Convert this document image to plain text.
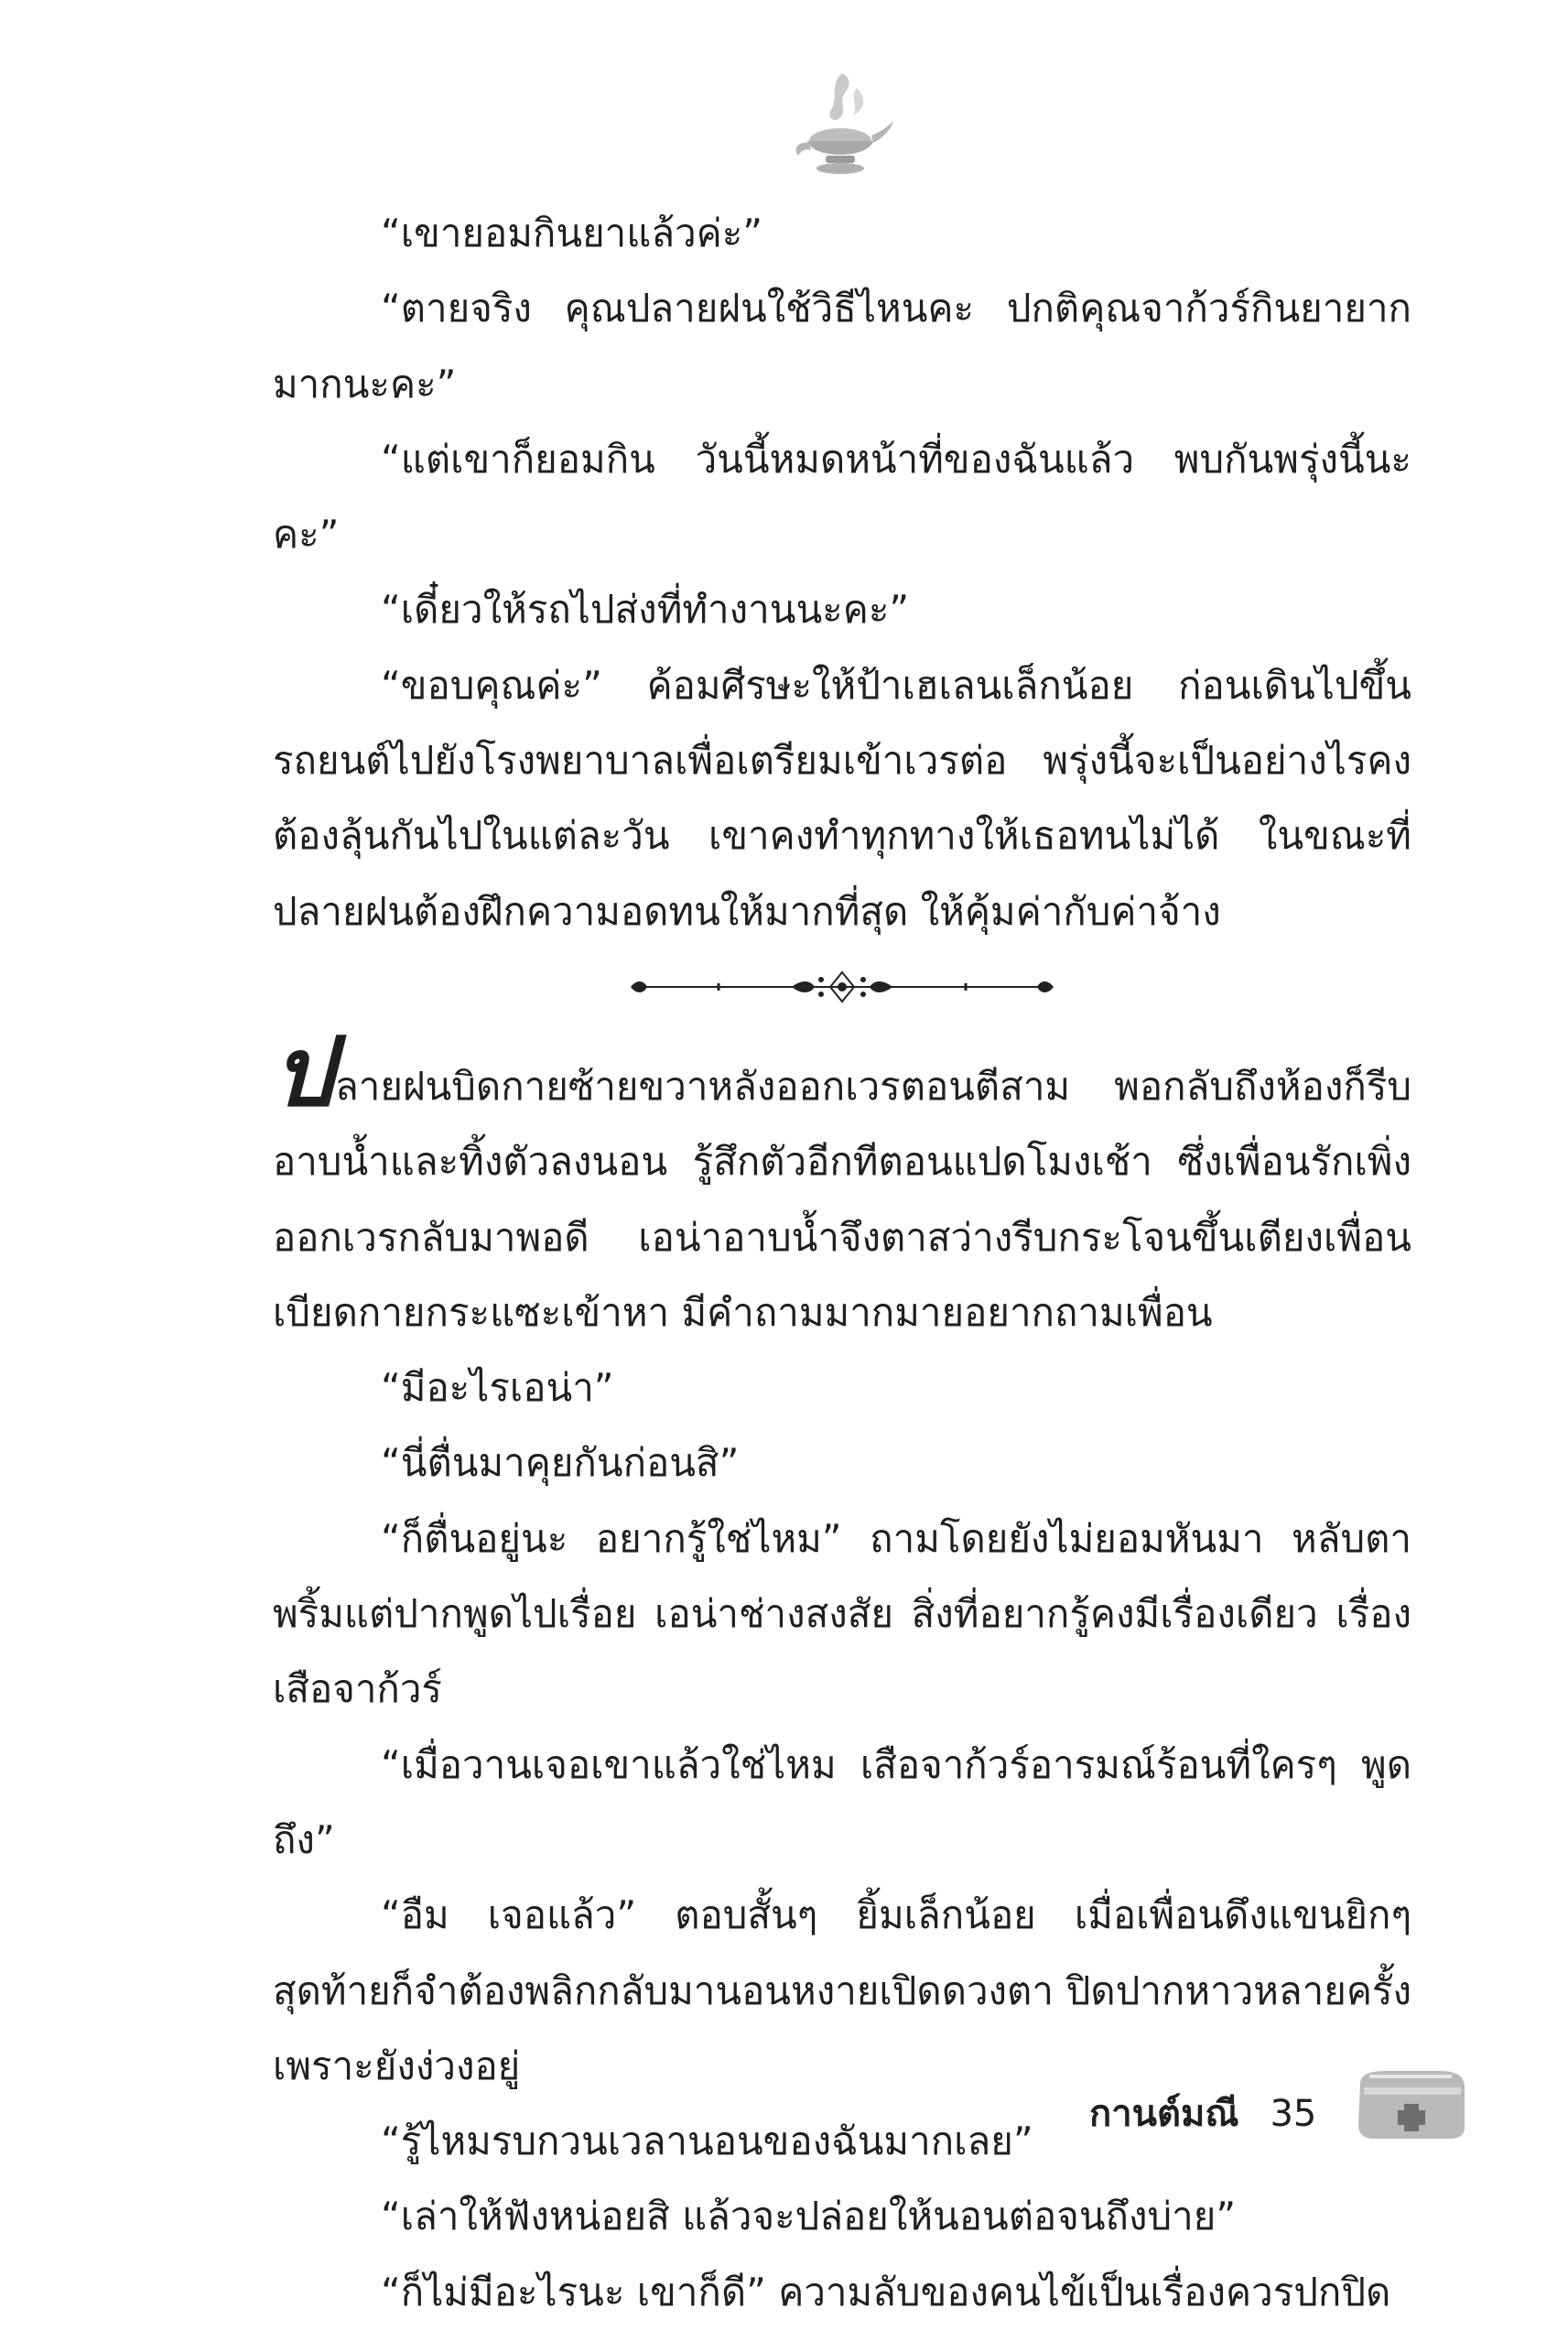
“เขายอมกินยาแล้วค่ะ”

“ตายจริง คุณปลายฝนใช้วิธีไหนคะ ปกติคุณจาก้วร์กินยายาก มากนะคะ”

“แต่เขาก็ยอมกิน วันนี้หมดหน้าที่ของฉันแล้ว พบกันพรุ่งนี้นะคะ”

“เดี๋ยวให้รถไปส่งที่ทำงานนะคะ”

“ขอบคุณค่ะ” ค้อมศีรษะให้ป้าเฮเลนเล็กน้อย ก่อนเดินไปขึ้นรถยนต์ไปยังโรงพยาบาลเพื่อเตรียมเข้าเวรต่อ พรุ่งนี้จะเป็นอย่างไรคงต้องลุ้นกันไปในแต่ละวัน เขาคงทำทุกทางให้เธอทนไม่ได้ ในขณะที่ปลายฝนต้องฝึกความอดทนให้มากที่สุด ให้คุ้มค่ากับค่าจ้าง

ปลายฝนบิดกายซ้ายขวาหลังออกเวรตอนตีสาม พอกลับถึงห้องก็รีบอาบน้ำและทิ้งตัวลงนอน รู้สึกตัวอีกทีตอนแปดโมงเช้า ซึ่งเพื่อนรักเพิ่งออกเวรกลับมาพอดี เอน่าอาบน้ำจึงตาสว่างรีบกระโจนขึ้นเตียงเพื่อนเบียดกายกระแซะเข้าหา มีคำถามมากมายอยากถามเพื่อน

“มีอะไรเอน่า”

“นี่ตื่นมาคุยกันก่อนสิ”

“ก็ตื่นอยู่นะ อยากรู้ใช่ไหม” ถามโดยยังไม่ยอมหันมา หลับตาพริ้มแต่ปากพูดไปเรื่อย เอน่าช่างสงสัย สิ่งที่อยากรู้คงมีเรื่องเดียว เรื่องเสือจาก้วร์

“เมื่อวานเจอเขาแล้วใช่ไหม เสือจาก้วร์อารมณ์ร้อนที่ใครๆ พูดถึง”

“อืม เจอแล้ว” ตอบสั้นๆ ยิ้มเล็กน้อย เมื่อเพื่อนดึงแขนยิกๆ สุดท้ายก็จำต้องพลิกกลับมานอนหงายเปิดดวงตา ปิดปากหาวหลายครั้งเพราะยังง่วงอยู่

“รู้ไหมรบกวนเวลานอนของฉันมากเลย”

“เล่าให้ฟังหน่อยสิ แล้วจะปล่อยให้นอนต่อจนถึงบ่าย”

“ก็ไม่มีอะไรนะ เขาก็ดี” ความลับของคนไข้เป็นเรื่องควรปกปิด

กานต์มณี 35
